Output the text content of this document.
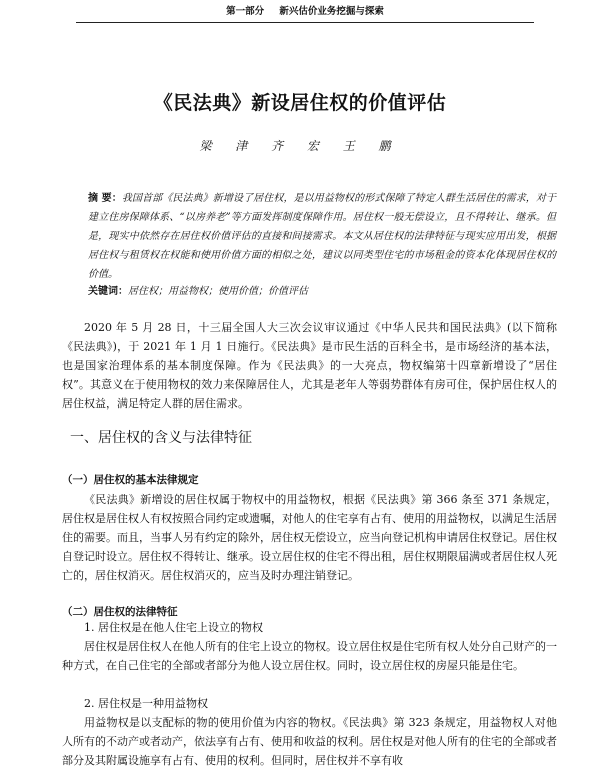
第一部分 新兴估价业务挖掘与探索
《民法典》新设居住权的价值评估
梁 津 齐 宏 王 鹏
摘 要：我国首部《民法典》新增设了居住权，是以用益物权的形式保障了特定人群生活居住的需求，对于建立住房保障体系、“以房养老”等方面发挥制度保障作用。居住权一般无偿设立，且不得转让、继承。但是，现实中依然存在居住权价值评估的直接和间接需求。本文从居住权的法律特征与现实应用出发，根据居住权与租赁权在权能和使用价值方面的相似之处，建议以同类型住宅的市场租金的资本化体现居住权的价值。
关键词：居住权；用益物权；使用价值；价值评估
2020 年 5 月 28 日，十三届全国人大三次会议审议通过《中华人民共和国民法典》(以下简称《民法典》)，于 2021 年 1 月 1 日施行。《民法典》是市民生活的百科全书，是市场经济的基本法，也是国家治理体系的基本制度保障。作为《民法典》的一大亮点，物权编第十四章新增设了“居住权”。其意义在于使用物权的效力来保障居住人，尤其是老年人等弱势群体有房可住，保护居住权人的居住权益，满足特定人群的居住需求。
一、居住权的含义与法律特征
（一）居住权的基本法律规定
《民法典》新增设的居住权属于物权中的用益物权，根据《民法典》第 366 条至 371 条规定，居住权是居住权人有权按照合同约定或遗嘱，对他人的住宅享有占有、使用的用益物权，以满足生活居住的需要。而且，当事人另有约定的除外，居住权无偿设立，应当向登记机构申请居住权登记。居住权自登记时设立。居住权不得转让、继承。设立居住权的住宅不得出租，居住权期限届满或者居住权人死亡的，居住权消灭。居住权消灭的，应当及时办理注销登记。
（二）居住权的法律特征
1. 居住权是在他人住宅上设立的物权
居住权是居住权人在他人所有的住宅上设立的物权。设立居住权是住宅所有权人处分自己财产的一种方式，在自己住宅的全部或者部分为他人设立居住权。同时，设立居住权的房屋只能是住宅。
2. 居住权是一种用益物权
用益物权是以支配标的物的使用价值为内容的物权。《民法典》第 323 条规定，用益物权人对他人所有的不动产或者动产，依法享有占有、使用和收益的权利。居住权是对他人所有的住宅的全部或者部分及其附属设施享有占有、使用的权利。但同时，居住权并不享有收
